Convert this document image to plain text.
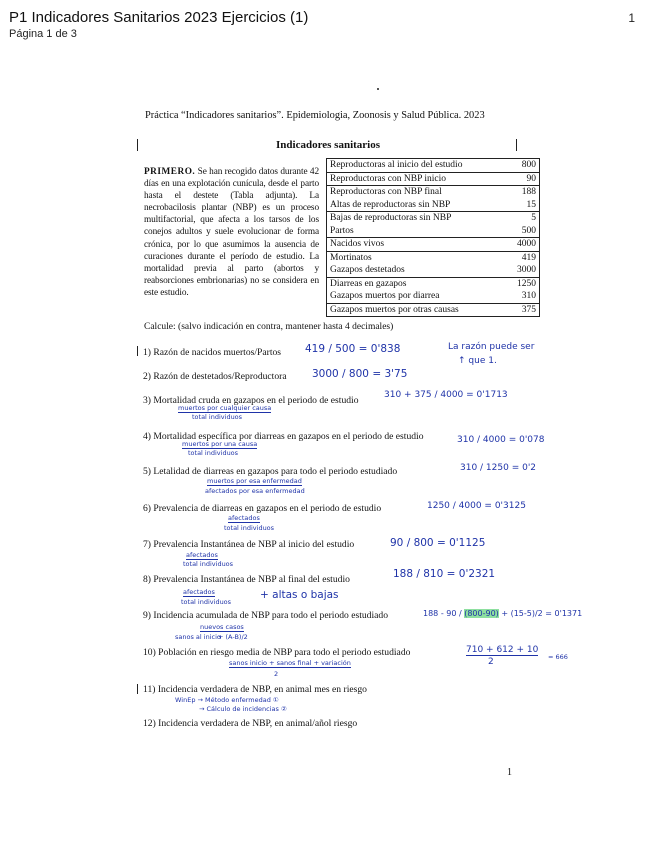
P1 Indicadores Sanitarios 2023 Ejercicios (1)
Página 1 de 3
1
Práctica “Indicadores sanitarios”. Epidemiologia, Zoonosis y Salud Pública. 2023
Indicadores sanitarios
PRIMERO. Se han recogido datos durante 42 días en una explotación cunícula, desde el parto hasta el destete (Tabla adjunta). La necrobacilosis plantar (NBP) es un proceso multifactorial, que afecta a los tarsos de los conejos adultos y suele evolucionar de forma crónica, por lo que asumimos la ausencia de curaciones durante el período de estudio. La mortalidad previa al parto (abortos y reabsorciones embrionarias) no se considera en este estudio.
Reproductoras al inicio del estudio	800
Reproductoras con NBP inicio	90
Reproductoras con NBP final	188
Altas de reproductoras sin NBP	15
Bajas de reproductoras sin NBP	5
Partos	500
Nacidos vivos	4000
Mortinatos	419
Gazapos destetados	3000
Diarreas en gazapos	1250
Gazapos muertos por diarrea	310
Gazapos muertos por otras causas	375
Calcule: (salvo indicación en contra, mantener hasta 4 decimales)
1) Razón de nacidos muertos/Partos
2) Razón de destetados/Reproductora
3) Mortalidad cruda en gazapos en el periodo de estudio
4) Mortalidad específica por diarreas en gazapos en el periodo de estudio
5) Letalidad de diarreas en gazapos para todo el periodo estudiado
6) Prevalencia de diarreas en gazapos en el periodo de estudio
7) Prevalencia Instantánea de NBP al inicio del estudio
8) Prevalencia Instantánea de NBP al final del estudio
9) Incidencia acumulada de NBP para todo el periodo estudiado
10) Población en riesgo media de NBP para todo el periodo estudiado
11) Incidencia verdadera de NBP, en animal mes en riesgo
12) Incidencia verdadera de NBP, en animal/añol riesgo
419 / 500 = 0'838	La razón puede ser
↑ que 1.
3000 / 800 = 3'75
310 + 375 / 4000 = 0'1713
muertos por cualquier causa
total individuos
310 / 4000 = 0'078
muertos por una causa
total individuos
310 / 1250 = 0'2
muertos por esa enfermedad
afectados por esa enfermedad
1250 / 4000 = 0'3125
afectados
total individuos
90 / 800 = 0'1125
afectados
total individuos
188 / 810 = 0'2321
afectados
total individuos
+ altas o bajas
188 - 90 / (800-90) + (15-5)/2 = 0'1371
nuevos casos
sanos al inicio
+ (A-B)/2
710 + 612 + 10
2	= 666
sanos inicio + sanos final + variación
2
WinEp → Método enfermedad ①
→ Cálculo de incidencias ②
1
